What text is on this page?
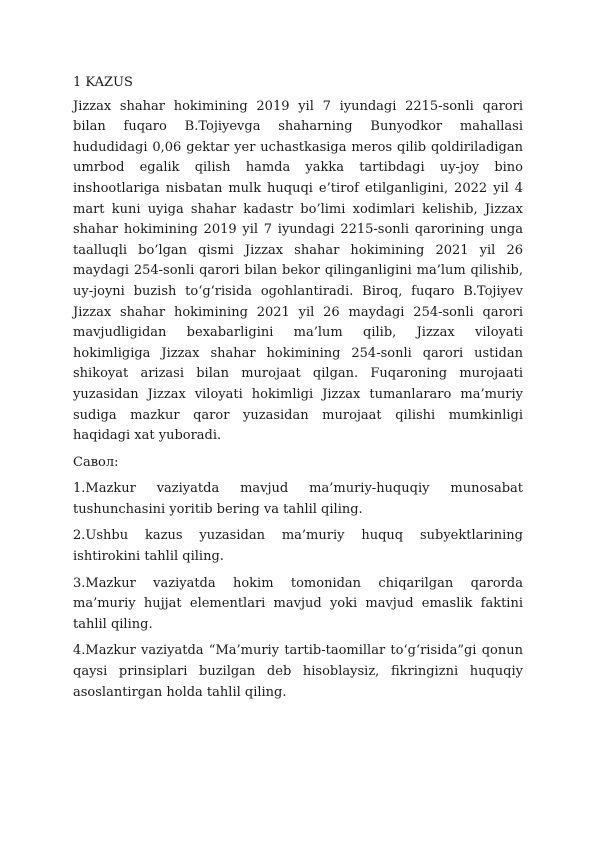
1 KAZUS

Jizzax shahar hokimining 2019 yil 7 iyundagi 2215-sonli qarori bilan fuqaro B.Tojiyevga shaharning Bunyodkor mahallasi hududidagi 0,06 gektar yer uchastkasiga meros qilib qoldiriladigan umrbod egalik qilish hamda yakka tartibdagi uy-joy bino inshootlariga nisbatan mulk huquqi e’tirof etilganligini, 2022 yil 4 mart kuni uyiga shahar kadastr bo’limi xodimlari kelishib, Jizzax shahar hokimining 2019 yil 7 iyundagi 2215-sonli qarorining unga taalluqli bo’lgan qismi Jizzax shahar hokimining 2021 yil 26 maydagi 254-sonli qarori bilan bekor qilinganligini ma’lum qilishib, uy-joyni buzish to‘g‘risida ogohlantiradi. Biroq, fuqaro B.Tojiyev Jizzax shahar hokimining 2021 yil 26 maydagi 254-sonli qarori mavjudligidan bexabarligini ma’lum qilib, Jizzax viloyati hokimligiga Jizzax shahar hokimining 254-sonli qarori ustidan shikoyat arizasi bilan murojaat qilgan. Fuqaroning murojaati yuzasidan Jizzax viloyati hokimligi Jizzax tumanlararo ma’muriy sudiga mazkur qaror yuzasidan murojaat qilishi mumkinligi haqidagi xat yuboradi.

Савол:

1.Mazkur vaziyatda mavjud ma’muriy-huquqiy munosabat tushunchasini yoritib bering va tahlil qiling.

2.Ushbu kazus yuzasidan ma’muriy huquq subyektlarining ishtirokini tahlil qiling.

3.Mazkur vaziyatda hokim tomonidan chiqarilgan qarorda ma’muriy hujjat elementlari mavjud yoki mavjud emaslik faktini tahlil qiling.

4.Mazkur vaziyatda “Ma’muriy tartib-taomillar to‘g‘risida”gi qonun qaysi prinsiplari buzilgan deb hisoblaysiz, fikringizni huquqiy asoslantirgan holda tahlil qiling.
